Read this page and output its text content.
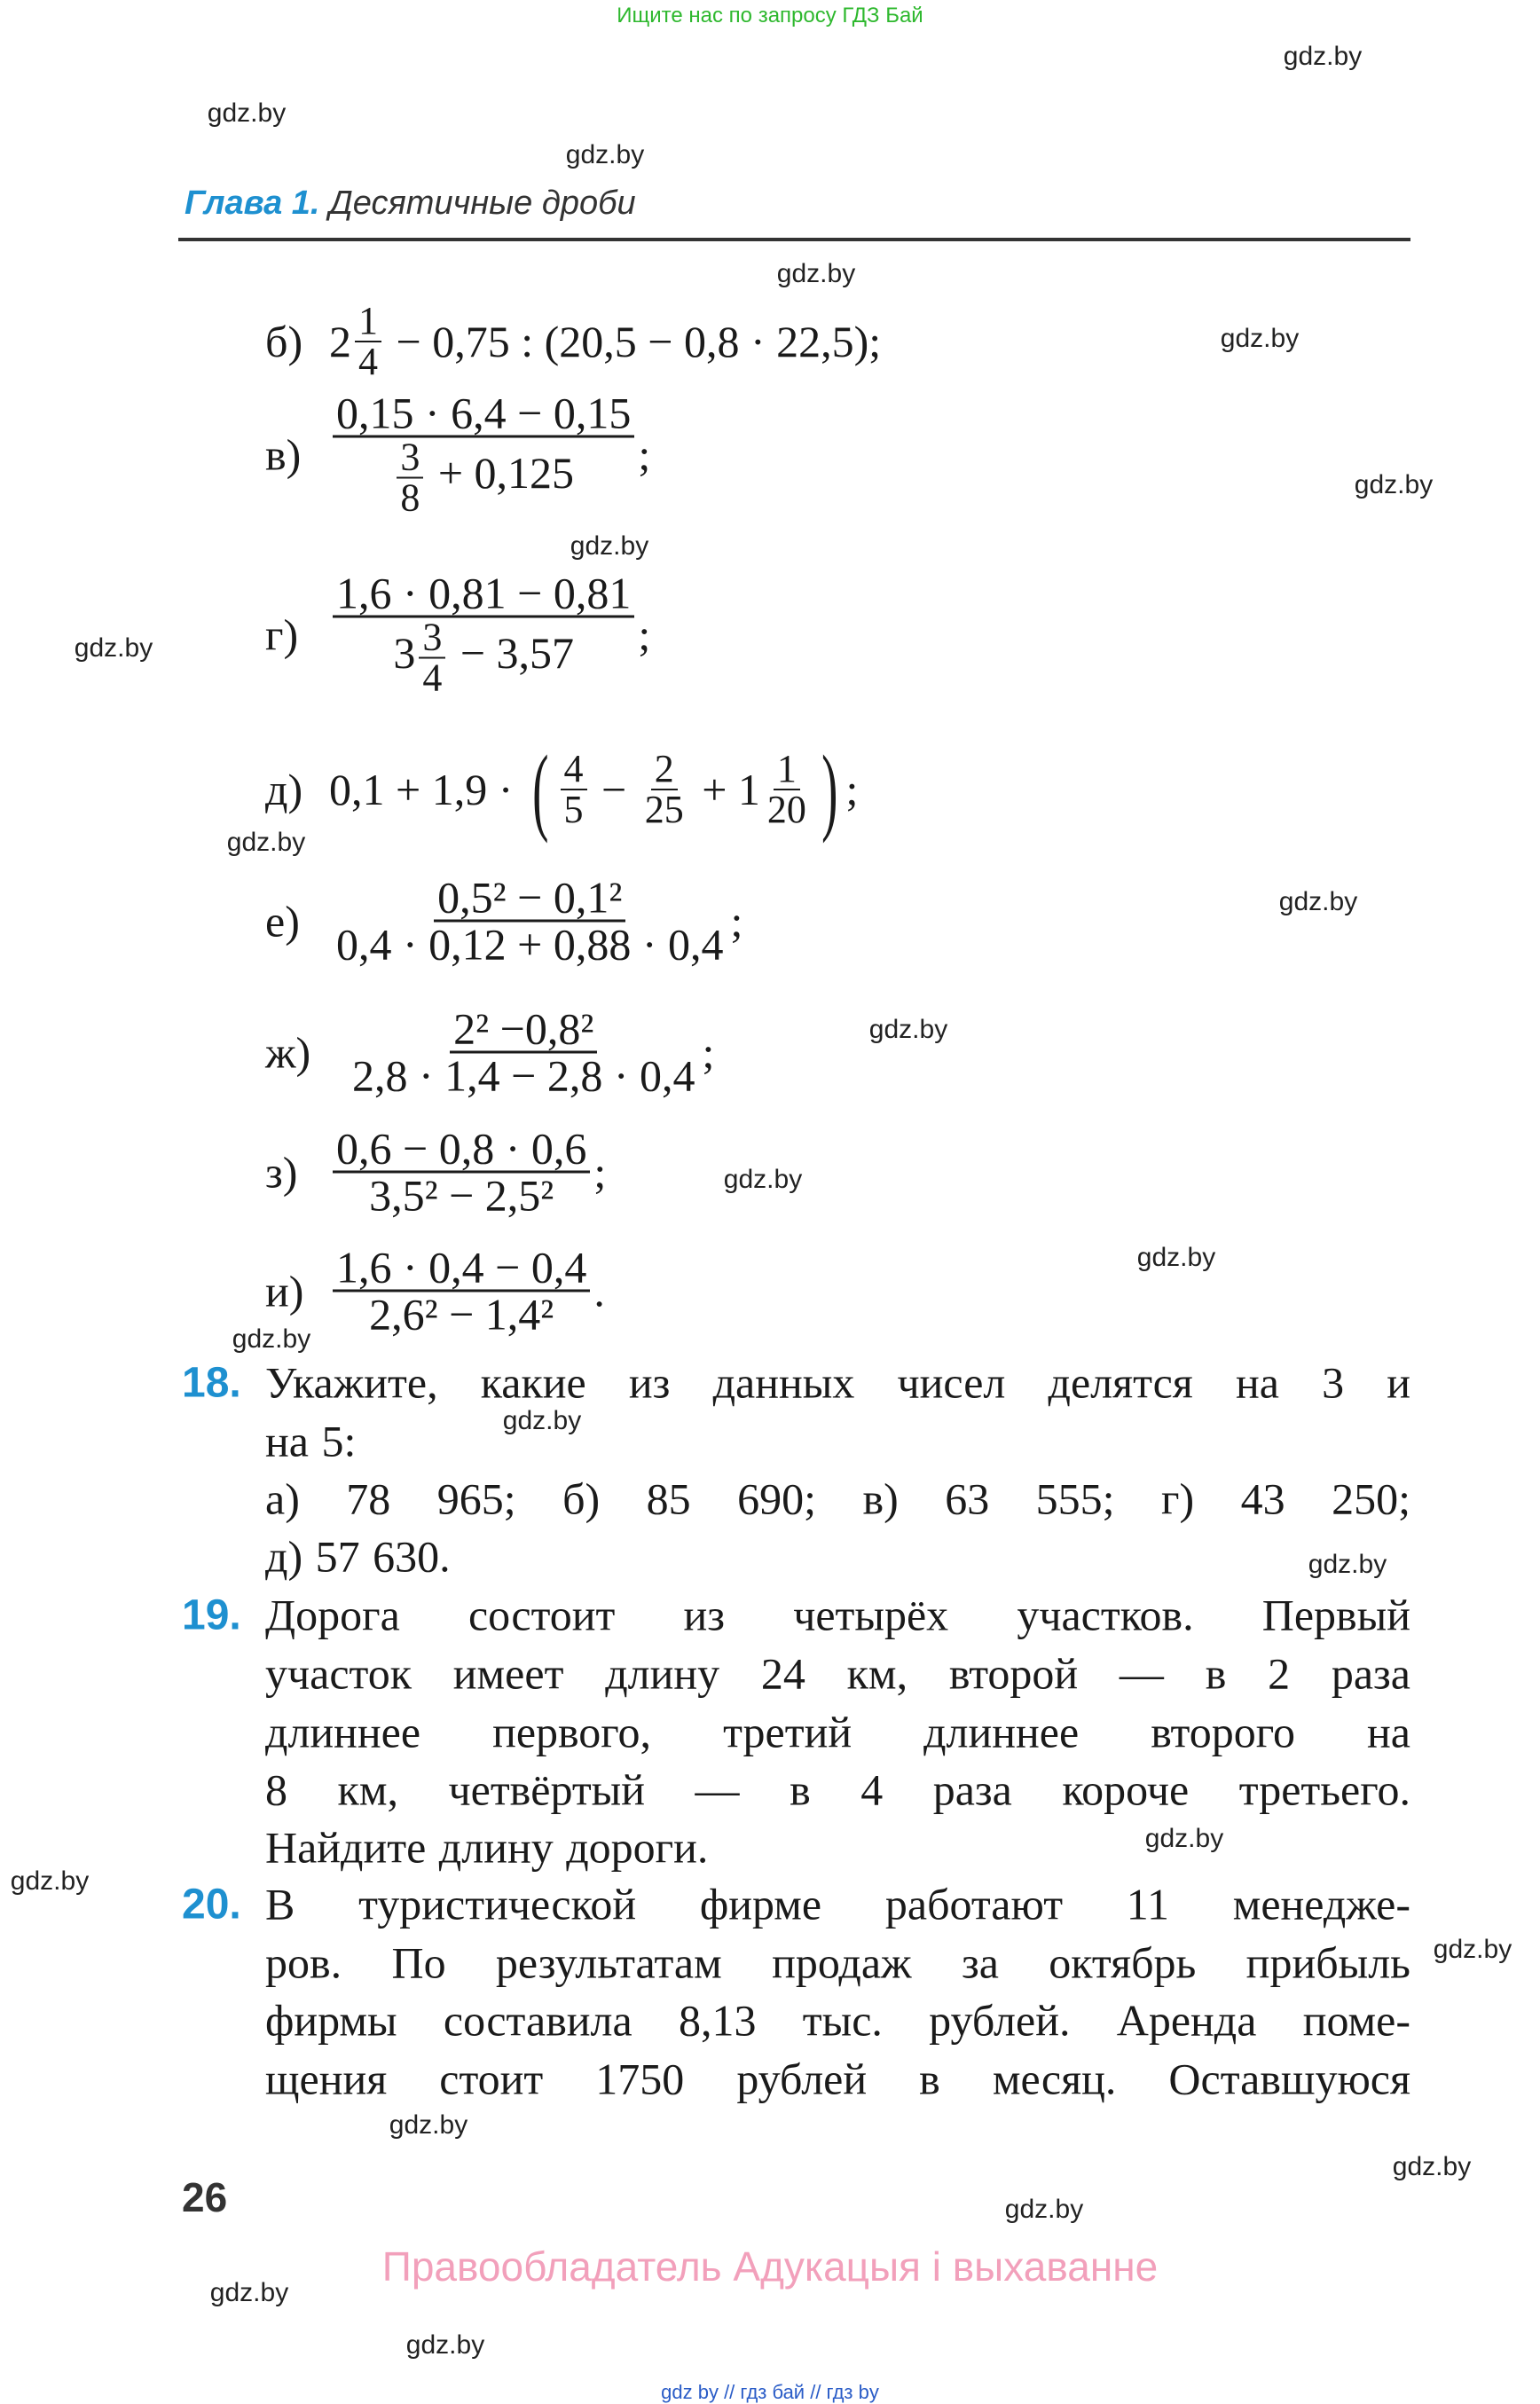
Ищите нас по запросу ГДЗ Бай
Глава 1. Десятичные дроби
б) $2 \frac{1}{4} - 0,75$ : (20,5 − 0,8 · 22,5);
$в) \frac{0,15 \cdot 6,4 - 0,15}{\frac{3}{8} + 0,125}$ ;
$г) \frac{1,6 \cdot 0,81 - 0,81}{3 \frac{3}{4} - 3,57}$ ;
д) 0,1 + 1,9 · ( $\frac{4}{5} - \frac{2}{25} + 1 \frac{1}{20}$ ) ;
$е) \frac{\text{0,5² − 0,1²}}{0,4 \cdot 0,12 + 0,88 \cdot 0,4}$ ;
$ж) \frac{\text{2² −0,8²}}{2,8 \cdot 1,4 - 2,8 \cdot 0,4}$ ;
$з) \frac{0,6 - 0,8 \cdot 0,6}{\text{3,5² − 2,5²}}$ ;
$и) \frac{1,6 \cdot 0,4 - 0,4}{\text{2,6² − 1,4²}}$ .
18. Укажите, какие из данных чисел делятся на 3 и
на 5:
а) 78 965; б) 85 690; в) 63 555; г) 43 250;
д) 57 630.
19. Дорога состоит из четырёх участков. Первый
участок имеет длину 24 км, второй — в 2 раза
длиннее первого, третий длиннее второго на
8 км, четвёртый — в 4 раза короче третьего.
Найдите длину дороги.
20. В туристической фирме работают 11 менедже-
ров. По результатам продаж за октябрь прибыль
фирмы составила 8,13 тыс. рублей. Аренда поме-
щения стоит 1750 рублей в месяц. Оставшуюся
26
Правообладатель Адукацыя і выхаванне
gdz by // гдз бай // гдз by
gdz.by
gdz.by
gdz.by
gdz.by
gdz.by
gdz.by
gdz.by
gdz.by
gdz.by
gdz.by
gdz.by
gdz.by
gdz.by
gdz.by
gdz.by
gdz.by
gdz.by
gdz.by
gdz.by
gdz.by
gdz.by
gdz.by
gdz.by
gdz.by
